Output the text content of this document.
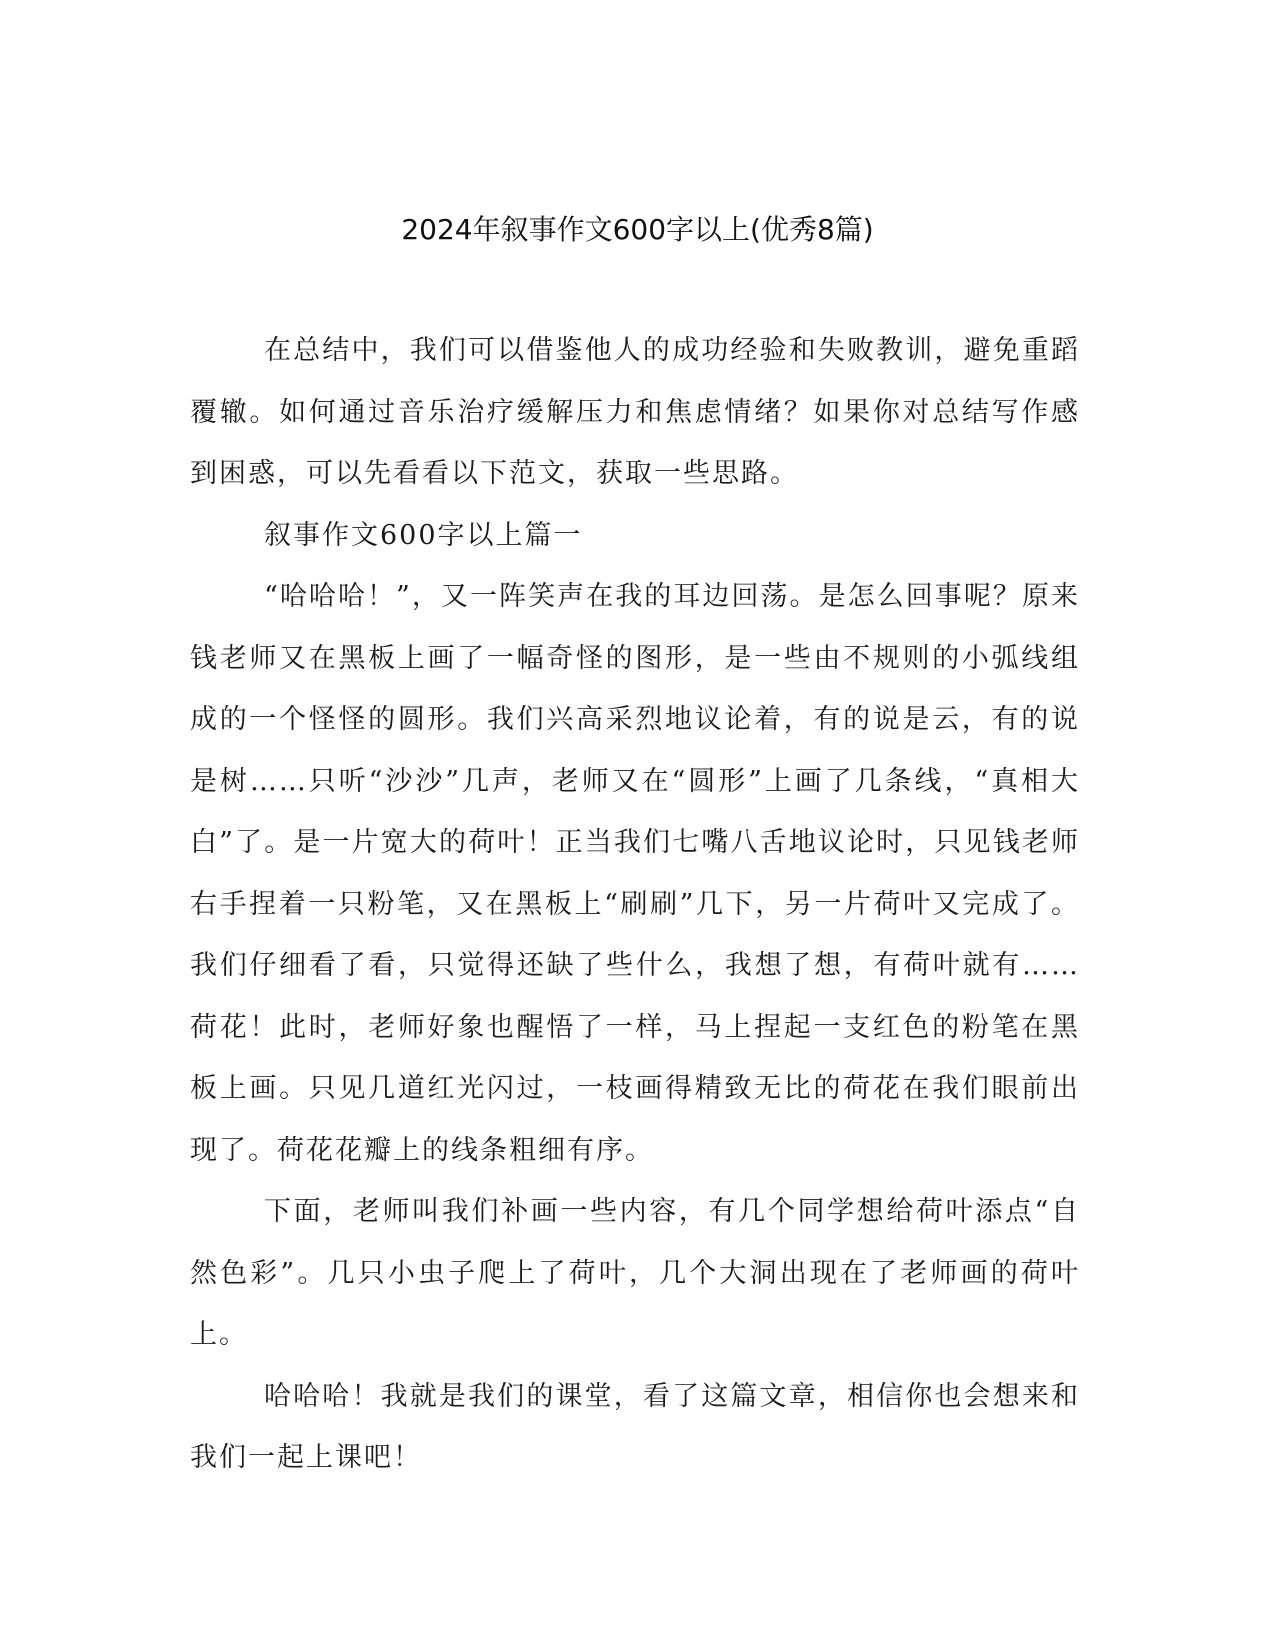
2024年叙事作文600字以上(优秀8篇)

在总结中，我们可以借鉴他人的成功经验和失败教训，避免重蹈覆辙。如何通过音乐治疗缓解压力和焦虑情绪？如果你对总结写作感到困惑，可以先看看以下范文，获取一些思路。

叙事作文600字以上篇一

“哈哈哈！”，又一阵笑声在我的耳边回荡。是怎么回事呢？原来钱老师又在黑板上画了一幅奇怪的图形，是一些由不规则的小弧线组成的一个怪怪的圆形。我们兴高采烈地议论着，有的说是云，有的说是树……只听“沙沙”几声，老师又在“圆形”上画了几条线，“真相大白”了。是一片宽大的荷叶！正当我们七嘴八舌地议论时，只见钱老师右手捏着一只粉笔，又在黑板上“刷刷”几下，另一片荷叶又完成了。我们仔细看了看，只觉得还缺了些什么，我想了想，有荷叶就有……荷花！此时，老师好象也醒悟了一样，马上捏起一支红色的粉笔在黑板上画。只见几道红光闪过，一枝画得精致无比的荷花在我们眼前出现了。荷花花瓣上的线条粗细有序。

下面，老师叫我们补画一些内容，有几个同学想给荷叶添点“自然色彩”。几只小虫子爬上了荷叶，几个大洞出现在了老师画的荷叶上。

哈哈哈！我就是我们的课堂，看了这篇文章，相信你也会想来和我们一起上课吧！
